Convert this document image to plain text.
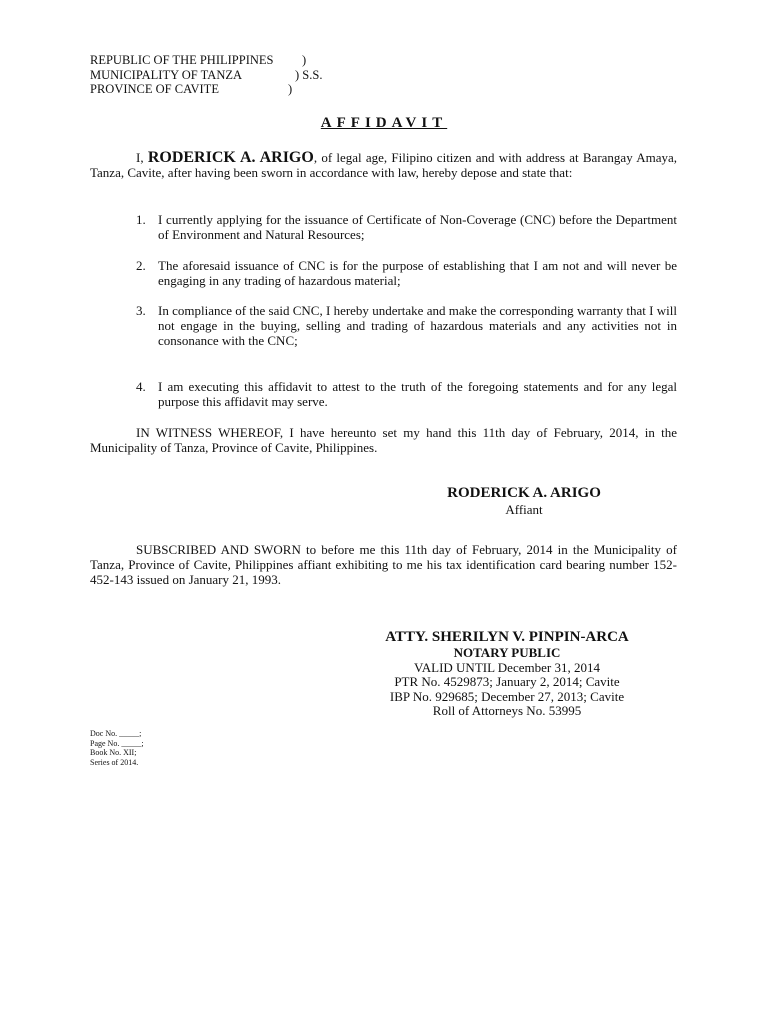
REPUBLIC OF THE PHILIPPINES )
MUNICIPALITY OF TANZA	) S.S.
PROVINCE OF CAVITE	)
AFFIDAVIT
I, RODERICK A. ARIGO, of legal age, Filipino citizen and with address at Barangay Amaya, Tanza, Cavite, after having been sworn in accordance with law, hereby depose and state that:
1. I currently applying for the issuance of Certificate of Non-Coverage (CNC) before the Department of Environment and Natural Resources;
2. The aforesaid issuance of CNC is for the purpose of establishing that I am not and will never be engaging in any trading of hazardous material;
3. In compliance of the said CNC, I hereby undertake and make the corresponding warranty that I will not engage in the buying, selling and trading of hazardous materials and any activities not in consonance with the CNC;
4. I am executing this affidavit to attest to the truth of the foregoing statements and for any legal purpose this affidavit may serve.
IN WITNESS WHEREOF, I have hereunto set my hand this 11th day of February, 2014, in the Municipality of Tanza, Province of Cavite, Philippines.
RODERICK A. ARIGO
Affiant
SUBSCRIBED AND SWORN to before me this 11th day of February, 2014 in the Municipality of Tanza, Province of Cavite, Philippines affiant exhibiting to me his tax identification card bearing number 152-452-143 issued on January 21, 1993.
ATTY. SHERILYN V. PINPIN-ARCA
NOTARY PUBLIC
VALID UNTIL December 31, 2014
PTR No. 4529873; January 2, 2014; Cavite
IBP No. 929685; December 27, 2013; Cavite
Roll of Attorneys No. 53995
Doc No. _____;
Page No. _____;
Book No. XII;
Series of 2014.
